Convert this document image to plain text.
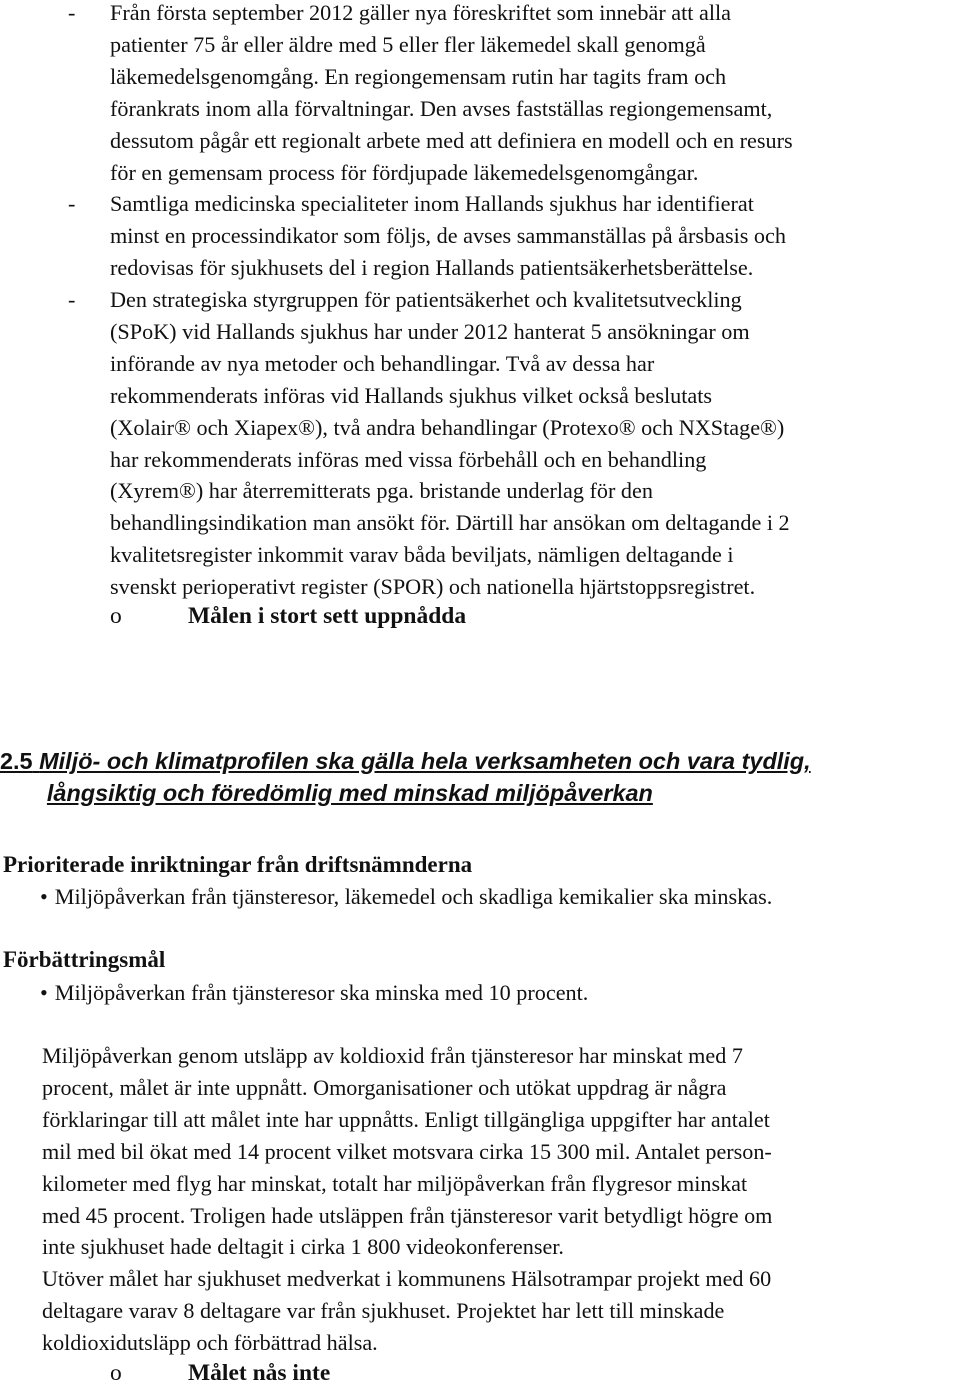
- Från första september 2012 gäller nya föreskriftet som innebär att alla
patienter 75 år eller äldre med 5 eller fler läkemedel skall genomgå
läkemedelsgenomgång. En regiongemensam rutin har tagits fram och
förankrats inom alla förvaltningar. Den avses fastställas regiongemensamt,
dessutom pågår ett regionalt arbete med att definiera en modell och en resurs
för en gemensam process för fördjupade läkemedelsgenomgångar.
- Samtliga medicinska specialiteter inom Hallands sjukhus har identifierat
minst en processindikator som följs, de avses sammanställas på årsbasis och
redovisas för sjukhusets del i region Hallands patientsäkerhetsberättelse.
- Den strategiska styrgruppen för patientsäkerhet och kvalitetsutveckling
(SPoK) vid Hallands sjukhus har under 2012 hanterat 5 ansökningar om
införande av nya metoder och behandlingar. Två av dessa har
rekommenderats införas vid Hallands sjukhus vilket också beslutats
(Xolair® och Xiapex®), två andra behandlingar (Protexo® och NXStage®)
har rekommenderats införas med vissa förbehåll och en behandling
(Xyrem®) har återremitterats pga. bristande underlag för den
behandlingsindikation man ansökt för. Därtill har ansökan om deltagande i 2
kvalitetsregister inkommit varav båda beviljats, nämligen deltagande i
svenskt perioperativt register (SPOR) och nationella hjärtstoppsregistret.
o	Målen i stort sett uppnådda
2.5 Miljö- och klimatprofilen ska gälla hela verksamheten och vara tydlig,
långsiktig och föredömlig med minskad miljöpåverkan
Prioriterade inriktningar från driftsnämnderna
• Miljöpåverkan från tjänsteresor, läkemedel och skadliga kemikalier ska minskas.
Förbättringsmål
• Miljöpåverkan från tjänsteresor ska minska med 10 procent.
Miljöpåverkan genom utsläpp av koldioxid från tjänsteresor har minskat med 7
procent, målet är inte uppnått. Omorganisationer och utökat uppdrag är några
förklaringar till att målet inte har uppnåtts. Enligt tillgängliga uppgifter har antalet
mil med bil ökat med 14 procent vilket motsvara cirka 15 300 mil. Antalet person-
kilometer med flyg har minskat, totalt har miljöpåverkan från flygresor minskat
med 45 procent. Troligen hade utsläppen från tjänsteresor varit betydligt högre om
inte sjukhuset hade deltagit i cirka 1 800 videokonferenser.
Utöver målet har sjukhuset medverkat i kommunens Hälsotrampar projekt med 60
deltagare varav 8 deltagare var från sjukhuset. Projektet har lett till minskade
koldioxidutsläpp och förbättrad hälsa.
o	Målet nås inte
